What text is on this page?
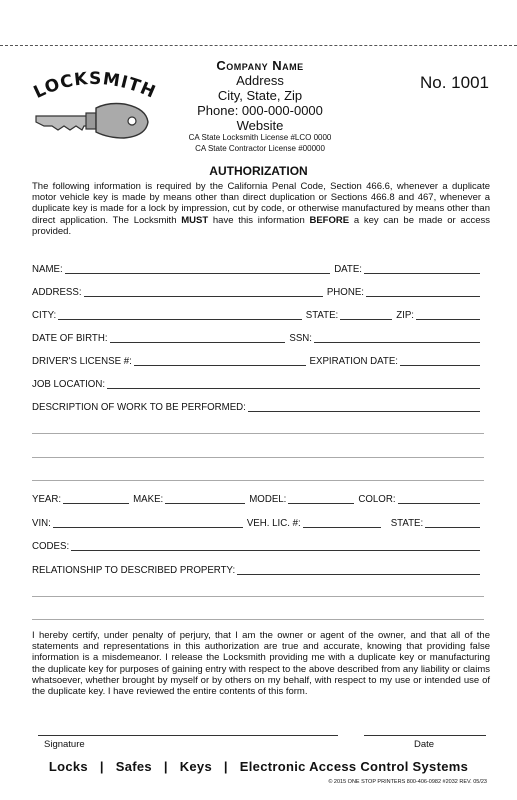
LOCKSMITH
Company Name
Address
City, State, Zip
Phone: 000-000-0000
Website
CA State Locksmith License #LCO 0000
CA State Contractor License #00000
No. 1001
AUTHORIZATION
The following information is required by the California Penal Code, Section 466.6, whenever a duplicate motor vehicle key is made by means other than direct duplication or Sections 466.8 and 467, whenever a duplicate key is made for a lock by impression, cut by code, or otherwise manufactured by means other than direct application. The Locksmith MUST have this information BEFORE a key can be made or access provided.
NAME:	DATE:
ADDRESS:	PHONE:
CITY:	STATE:	ZIP:
DATE OF BIRTH:	SSN:
DRIVER'S LICENSE #:	EXPIRATION DATE:
JOB LOCATION:
DESCRIPTION OF WORK TO BE PERFORMED:
YEAR:	MAKE:	MODEL:	COLOR:
VIN:	VEH. LIC. #:	STATE:
CODES:
RELATIONSHIP TO DESCRIBED PROPERTY:
I hereby certify, under penalty of perjury, that I am the owner or agent of the owner, and that all of the statements and representations in this authorization are true and accurate, knowing that providing false information is a misdemeanor. I release the Locksmith providing me with a duplicate key or manufacturing the duplicate key for purposes of gaining entry with respect to the above described from any liability or claims whatsoever, whether brought by myself or by others on my behalf, with respect to my use or intended use of the duplicate key. I have reviewed the entire contents of this form.
Signature	Date
Locks | Safes | Keys | Electronic Access Control Systems
© 2015 ONE STOP PRINTERS 800-406-0982 #2032 REV. 05/23
